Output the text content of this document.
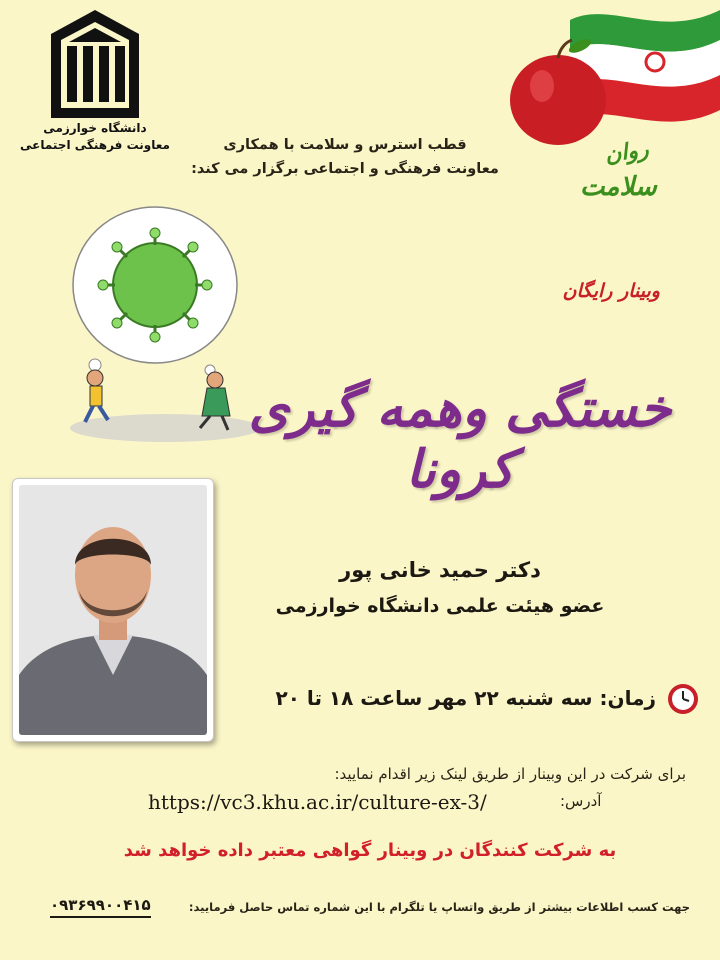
دانشگاه خوارزمی
معاونت فرهنگی اجتماعی	قطب استرس و سلامت با همکاری
معاونت فرهنگی و اجتماعی برگزار می کند:
روان
سلامت
وبینار رایگان
خستگی وهمه گیری کرونا
دکتر حمید خانی پور
عضو هیئت علمی دانشگاه خوارزمی
زمان: سه شنبه ۲۲ مهر ساعت ۱۸ تا ۲۰
برای شرکت در این وبینار از طریق لینک زیر اقدام نمایید:
آدرس:
https://vc3.khu.ac.ir/culture-ex-3/
به شرکت کنندگان در وبینار گواهی معتبر داده خواهد شد
جهت کسب اطلاعات بیشتر از طریق واتساپ یا تلگرام با این شماره تماس حاصل فرمایید:
۰۹۳۶۹۹۰۰۴۱۵
